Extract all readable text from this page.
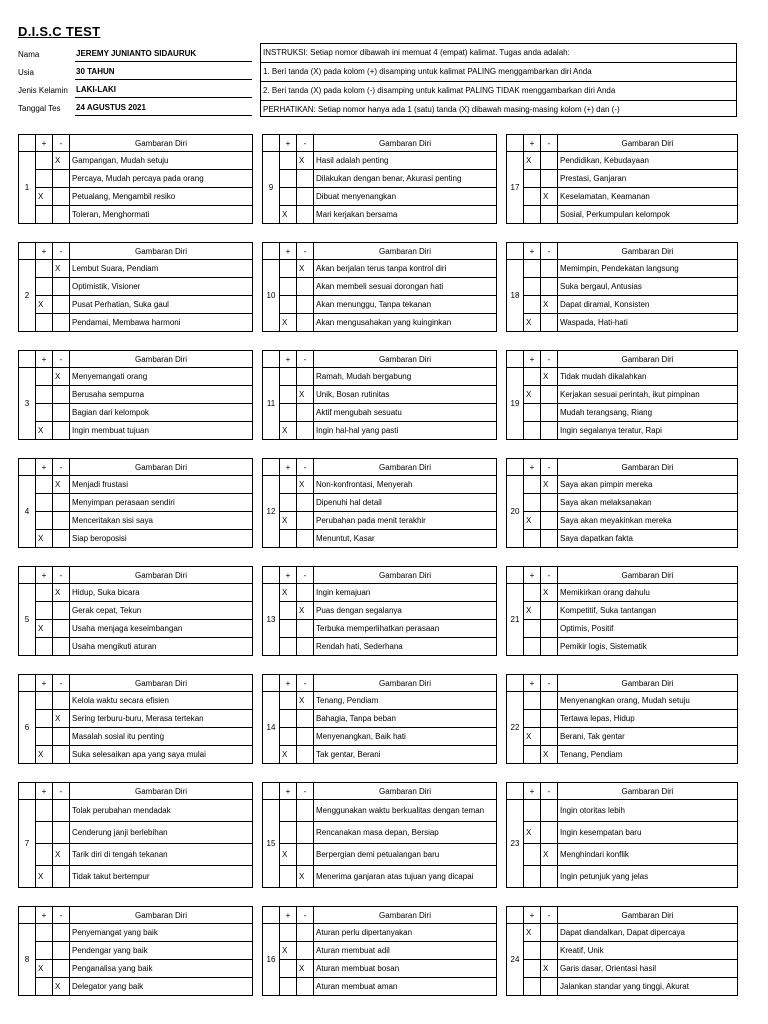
D.I.S.C TEST
Nama	JEREMY JUNIANTO SIDAURUK
Usia	30 TAHUN
Jenis Kelamin LAKI-LAKI
Tanggal Tes 24 AGUSTUS 2021
INSTRUKSI: Setiap nomor dibawah ini memuat 4 (empat) kalimat. Tugas anda adalah:
1. Beri tanda (X) pada kolom (+) disamping untuk kalimat PALING menggambarkan diri Anda
2. Beri tanda (X) pada kolom (-) disamping untuk kalimat PALING TIDAK menggambarkan diri Anda
PERHATIKAN: Setiap nomor hanya ada 1 (satu) tanda (X) dibawah masing-masing kolom (+) dan (-)
	+	-	Gambaran Diri
1		X	Gampangan, Mudah setuju
			Percaya, Mudah percaya pada orang
	X		Petualang, Mengambil resiko
			Toleran, Menghormati
	+	-	Gambaran Diri
2		X	Lembut Suara, Pendiam
			Optimistik, Visioner
	X		Pusat Perhatian, Suka gaul
			Pendamai, Membawa harmoni
	+	-	Gambaran Diri
3		X	Menyemangati orang
			Berusaha sempurna
			Bagian dari kelompok
	X		Ingin membuat tujuan
	+	-	Gambaran Diri
4		X	Menjadi frustasi
			Menyimpan perasaan sendiri
			Menceritakan sisi saya
	X		Siap beroposisi
	+	-	Gambaran Diri
5		X	Hidup, Suka bicara
			Gerak cepat, Tekun
	X		Usaha menjaga keseimbangan
			Usaha mengikuti aturan
	+	-	Gambaran Diri
6			Kelola waktu secara efisien
		X	Sering terburu-buru, Merasa tertekan
			Masalah sosial itu penting
	X		Suka selesaikan apa yang saya mulai
	+	-	Gambaran Diri
7			Tolak perubahan mendadak
			Cenderung janji berlebihan
		X	Tarik diri di tengah tekanan
	X		Tidak takut bertempur
	+	-	Gambaran Diri
8			Penyemangat yang baik
			Pendengar yang baik
	X		Penganalisa yang baik
		X	Delegator yang baik
	+	-	Gambaran Diri
9		X	Hasil adalah penting
			Dilakukan dengan benar, Akurasi penting
			Dibuat menyenangkan
	X		Mari kerjakan bersama
	+	-	Gambaran Diri
10		X	Akan berjalan terus tanpa kontrol diri
			Akan membeli sesuai dorongan hati
			Akan menunggu, Tanpa tekanan
	X		Akan mengusahakan yang kuinginkan
	+	-	Gambaran Diri
11			Ramah, Mudah bergabung
		X	Unik, Bosan rutinitas
			Aktif mengubah sesuatu
	X		Ingin hal-hal yang pasti
	+	-	Gambaran Diri
12		X	Non-konfrontasi, Menyerah
			Dipenuhi hal detail
	X		Perubahan pada menit terakhir
			Menuntut, Kasar
	+	-	Gambaran Diri
13	X		Ingin kemajuan
		X	Puas dengan segalanya
			Terbuka memperlihatkan perasaan
			Rendah hati, Sederhana
	+	-	Gambaran Diri
14		X	Tenang, Pendiam
			Bahagia, Tanpa beban
			Menyenangkan, Baik hati
	X		Tak gentar, Berani
	+	-	Gambaran Diri
15			Menggunakan waktu berkualitas dengan teman
			Rencanakan masa depan, Bersiap
	X		Berpergian demi petualangan baru
		X	Menerima ganjaran atas tujuan yang dicapai
	+	-	Gambaran Diri
16			Aturan perlu dipertanyakan
	X		Aturan membuat adil
		X	Aturan membuat bosan
			Aturan membuat aman
	+	-	Gambaran Diri
17	X		Pendidikan, Kebudayaan
			Prestasi, Ganjaran
		X	Keselamatan, Keamanan
			Sosial, Perkumpulan kelompok
	+	-	Gambaran Diri
18			Memimpin, Pendekatan langsung
			Suka bergaul, Antusias
		X	Dapat diramal, Konsisten
	X		Waspada, Hati-hati
	+	-	Gambaran Diri
19		X	Tidak mudah dikalahkan
	X		Kerjakan sesuai perintah, ikut pimpinan
			Mudah terangsang, Riang
			Ingin segalanya teratur, Rapi
	+	-	Gambaran Diri
20		X	Saya akan pimpin mereka
			Saya akan melaksanakan
	X		Saya akan meyakinkan mereka
			Saya dapatkan fakta
	+	-	Gambaran Diri
21		X	Memikirkan orang dahulu
	X		Kompetitif, Suka tantangan
			Optimis, Positif
			Pemikir logis, Sistematik
	+	-	Gambaran Diri
22			Menyenangkan orang, Mudah setuju
			Tertawa lepas, Hidup
	X		Berani, Tak gentar
		X	Tenang, Pendiam
	+	-	Gambaran Diri
23			Ingin otoritas lebih
	X		Ingin kesempatan baru
		X	Menghindari konflik
			Ingin petunjuk yang jelas
	+	-	Gambaran Diri
24	X		Dapat diandalkan, Dapat dipercaya
			Kreatif, Unik
		X	Garis dasar, Orientasi hasil
			Jalankan standar yang tinggi, Akurat
